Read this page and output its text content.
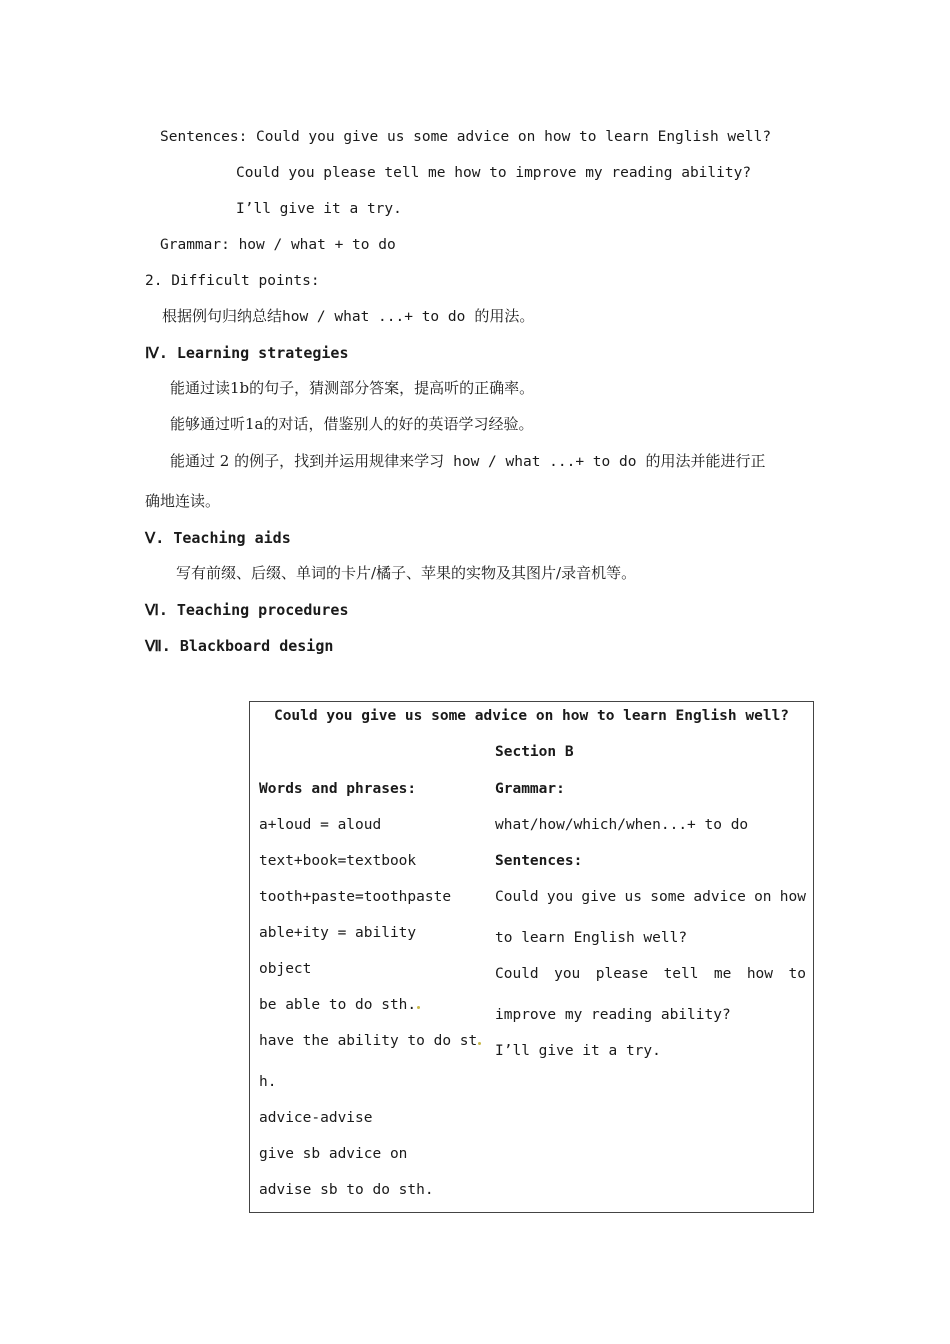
Sentences: Could you give us some advice on how to learn English well?
Could you please tell me how to improve my reading ability?
I’ll give it a try.
Grammar: how / what + to do
2. Difficult points:
根据例句归纳总结how / what ...+ to do 的用法。
Ⅳ. Learning strategies
能通过读1b的句子，猜测部分答案，提高听的正确率。
能够通过听1a的对话，借鉴别人的好的英语学习经验。
能通过 2 的例子，找到并运用规律来学习 how / what ...+ to do 的用法并能进行正
确地连读。
Ⅴ. Teaching aids
写有前缀、后缀、单词的卡片/橘子、苹果的实物及其图片/录音机等。
Ⅵ. Teaching procedures
Ⅶ. Blackboard design
Could you give us some advice on how to learn English well?
Section B
Words and phrases:
a+loud = aloud
text+book=textbook
tooth+paste=toothpaste
able+ity = ability
object
be able to do sth.
have the ability to do st
h.
advice-advise
give sb advice on
advise sb to do sth.
Grammar:
what/how/which/when...+ to do
Sentences:
Could you give us some advice on how
to learn English well?
Could you please tell me how to
improve my reading ability?
I’ll give it a try.
